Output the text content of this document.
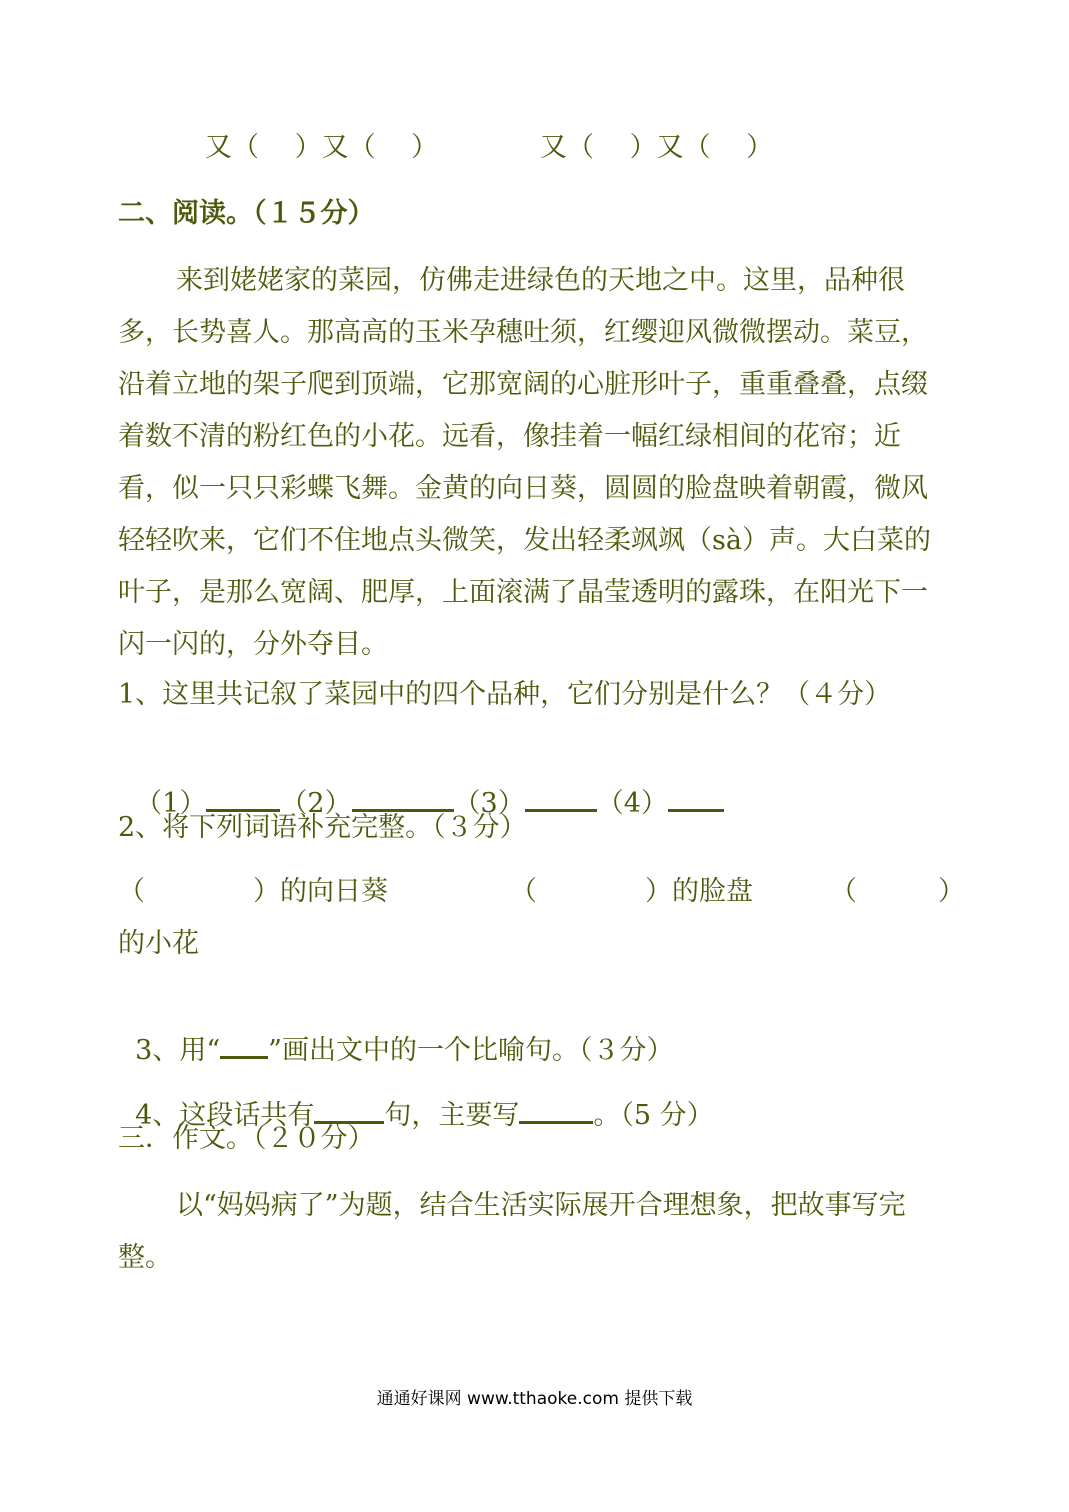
又（　 ）又（　 ）	又（　 ）又（　 ）
二、阅读。（１５分）
来到姥姥家的菜园，仿佛走进绿色的天地之中。这里，品种很多，长势喜人。那高高的玉米孕穗吐须，红缨迎风微微摆动。菜豆，沿着立地的架子爬到顶端，它那宽阔的心脏形叶子，重重叠叠，点缀着数不清的粉红色的小花。远看，像挂着一幅红绿相间的花帘；近看，似一只只彩蝶飞舞。金黄的向日葵，圆圆的脸盘映着朝霞，微风轻轻吹来，它们不住地点头微笑，发出轻柔飒飒（sà）声。大白菜的叶子，是那么宽阔、肥厚，上面滚满了晶莹透明的露珠，在阳光下一闪一闪的，分外夺目。
1、这里共记叙了菜园中的四个品种，它们分别是什么？（４分）

（1）	（2）	（3）	（4）

2、将下列词语补充完整。（３分）
（　　　　）的向日葵	（　　　　）的脸盘	（　　　）
的小花

3、用“ ”画出文中的一个比喻句。（３分）

4、这段话共有	句，主要写	。（5 分）

三．作文。（２０分）
以“妈妈病了”为题，结合生活实际展开合理想象，把故事写完整。
通通好课网 www.tthaoke.com 提供下载
